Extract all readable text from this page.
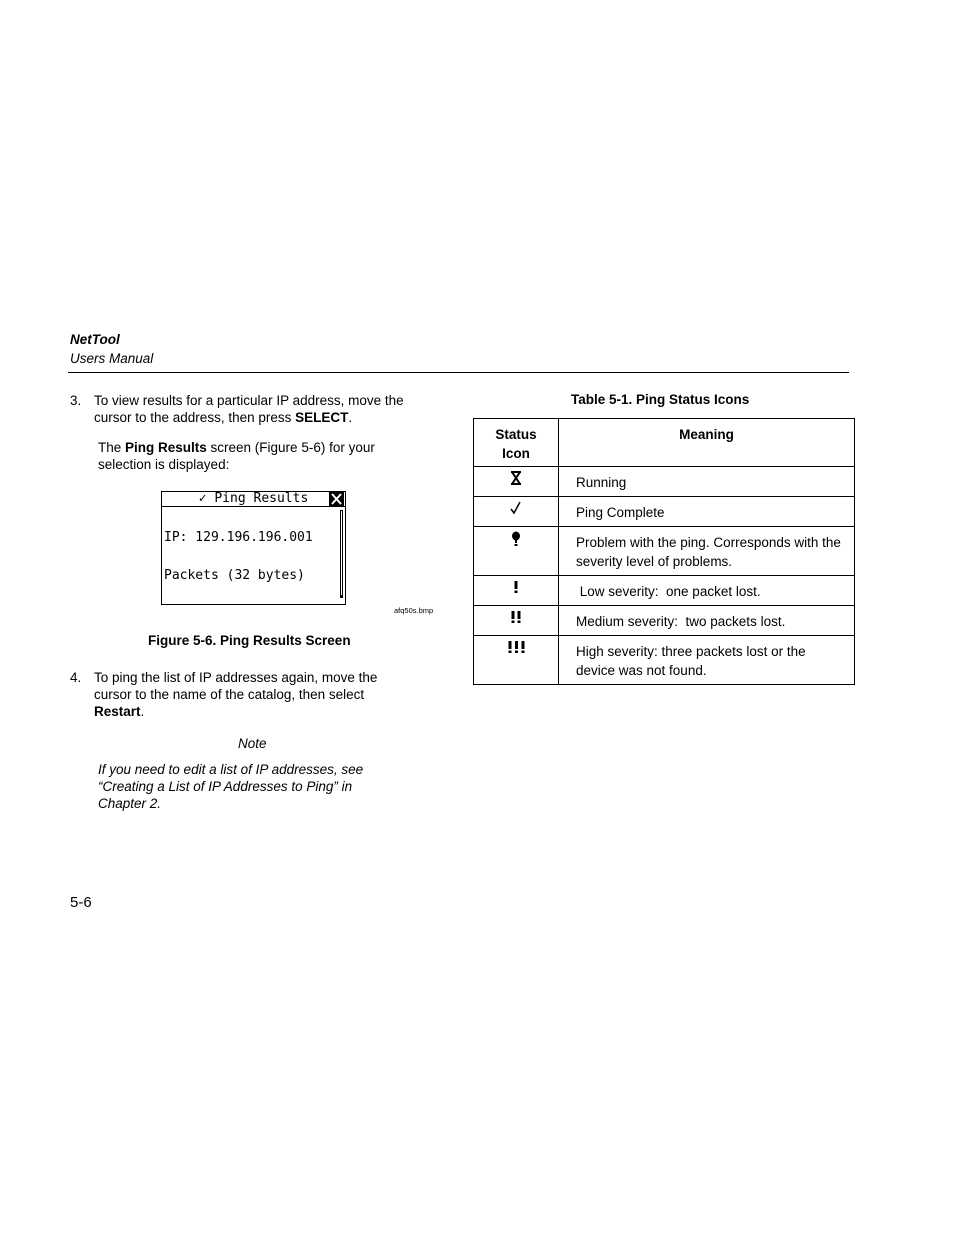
NetTool
Users Manual
3. To view results for a particular IP address, move the cursor to the address, then press SELECT.
The Ping Results screen (Figure 5-6) for your selection is displayed:
✓ Ping Results

IP: 129.196.196.001

Packets (32 bytes)

afq50s.bmp
Figure 5-6. Ping Results Screen
4. To ping the list of IP addresses again, move the cursor to the name of the catalog, then select Restart.
Note
If you need to edit a list of IP addresses, see “Creating a List of IP Addresses to Ping” in Chapter 2.
5-6
Table 5-1. Ping Status Icons
Status Icon	Meaning
	Running
	Ping Complete
	Problem with the ping. Corresponds with the severity level of problems.
	Low severity:  one packet lost.
	Medium severity:  two packets lost.
	High severity: three packets lost or the device was not found.
